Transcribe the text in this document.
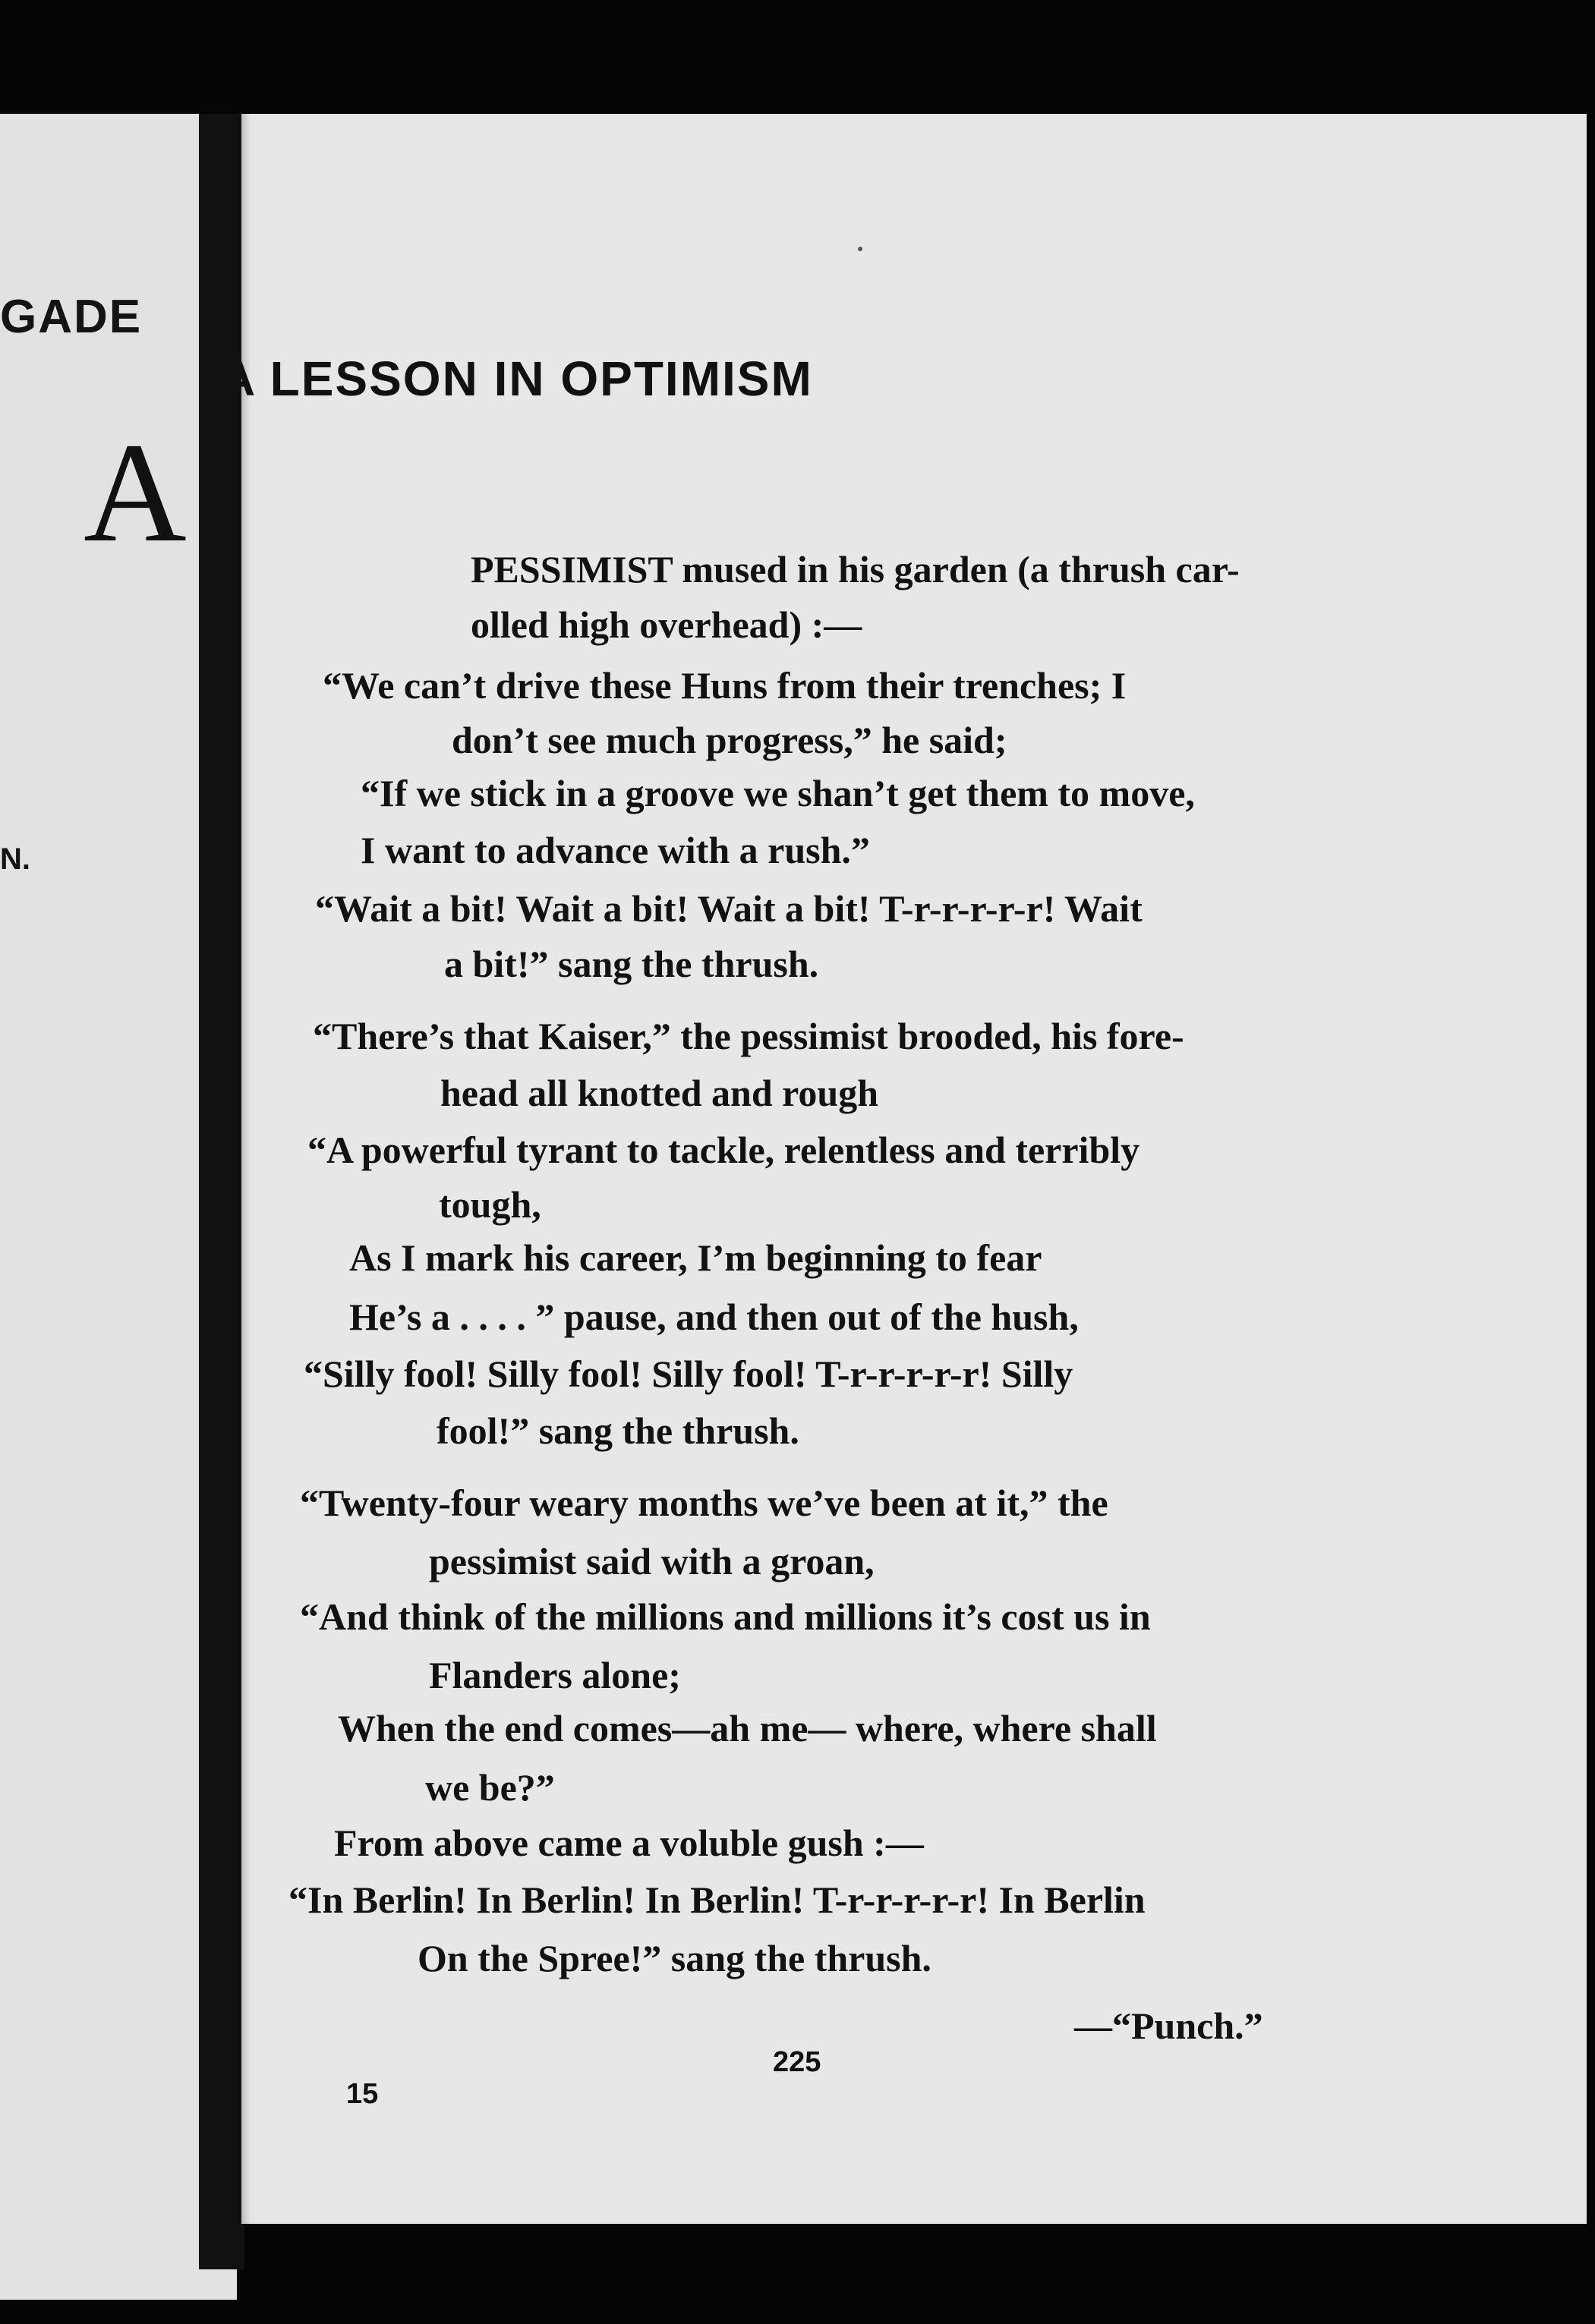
GADE
N.
A LESSON IN OPTIMISM
A	PESSIMIST mused in his garden (a thrush car-
olled high overhead) :—
“We can’t drive these Huns from their trenches; I
don’t see much progress,” he said;
“If we stick in a groove we shan’t get them to move,
I want to advance with a rush.”
“Wait a bit! Wait a bit! Wait a bit! T-r-r-r-r-r! Wait
a bit!” sang the thrush.
“There’s that Kaiser,” the pessimist brooded, his fore-
head all knotted and rough
“A powerful tyrant to tackle, relentless and terribly
tough,
As I mark his career, I’m beginning to fear
He’s a . . . . ” pause, and then out of the hush,
“Silly fool! Silly fool! Silly fool! T-r-r-r-r-r! Silly
fool!” sang the thrush.
“Twenty-four weary months we’ve been at it,” the
pessimist said with a groan,
“And think of the millions and millions it’s cost us in
Flanders alone;
When the end comes—ah me— where, where shall
we be?”
From above came a voluble gush :—
“In Berlin! In Berlin! In Berlin! T-r-r-r-r-r! In Berlin
On the Spree!” sang the thrush.
—“Punch.”
225
15
